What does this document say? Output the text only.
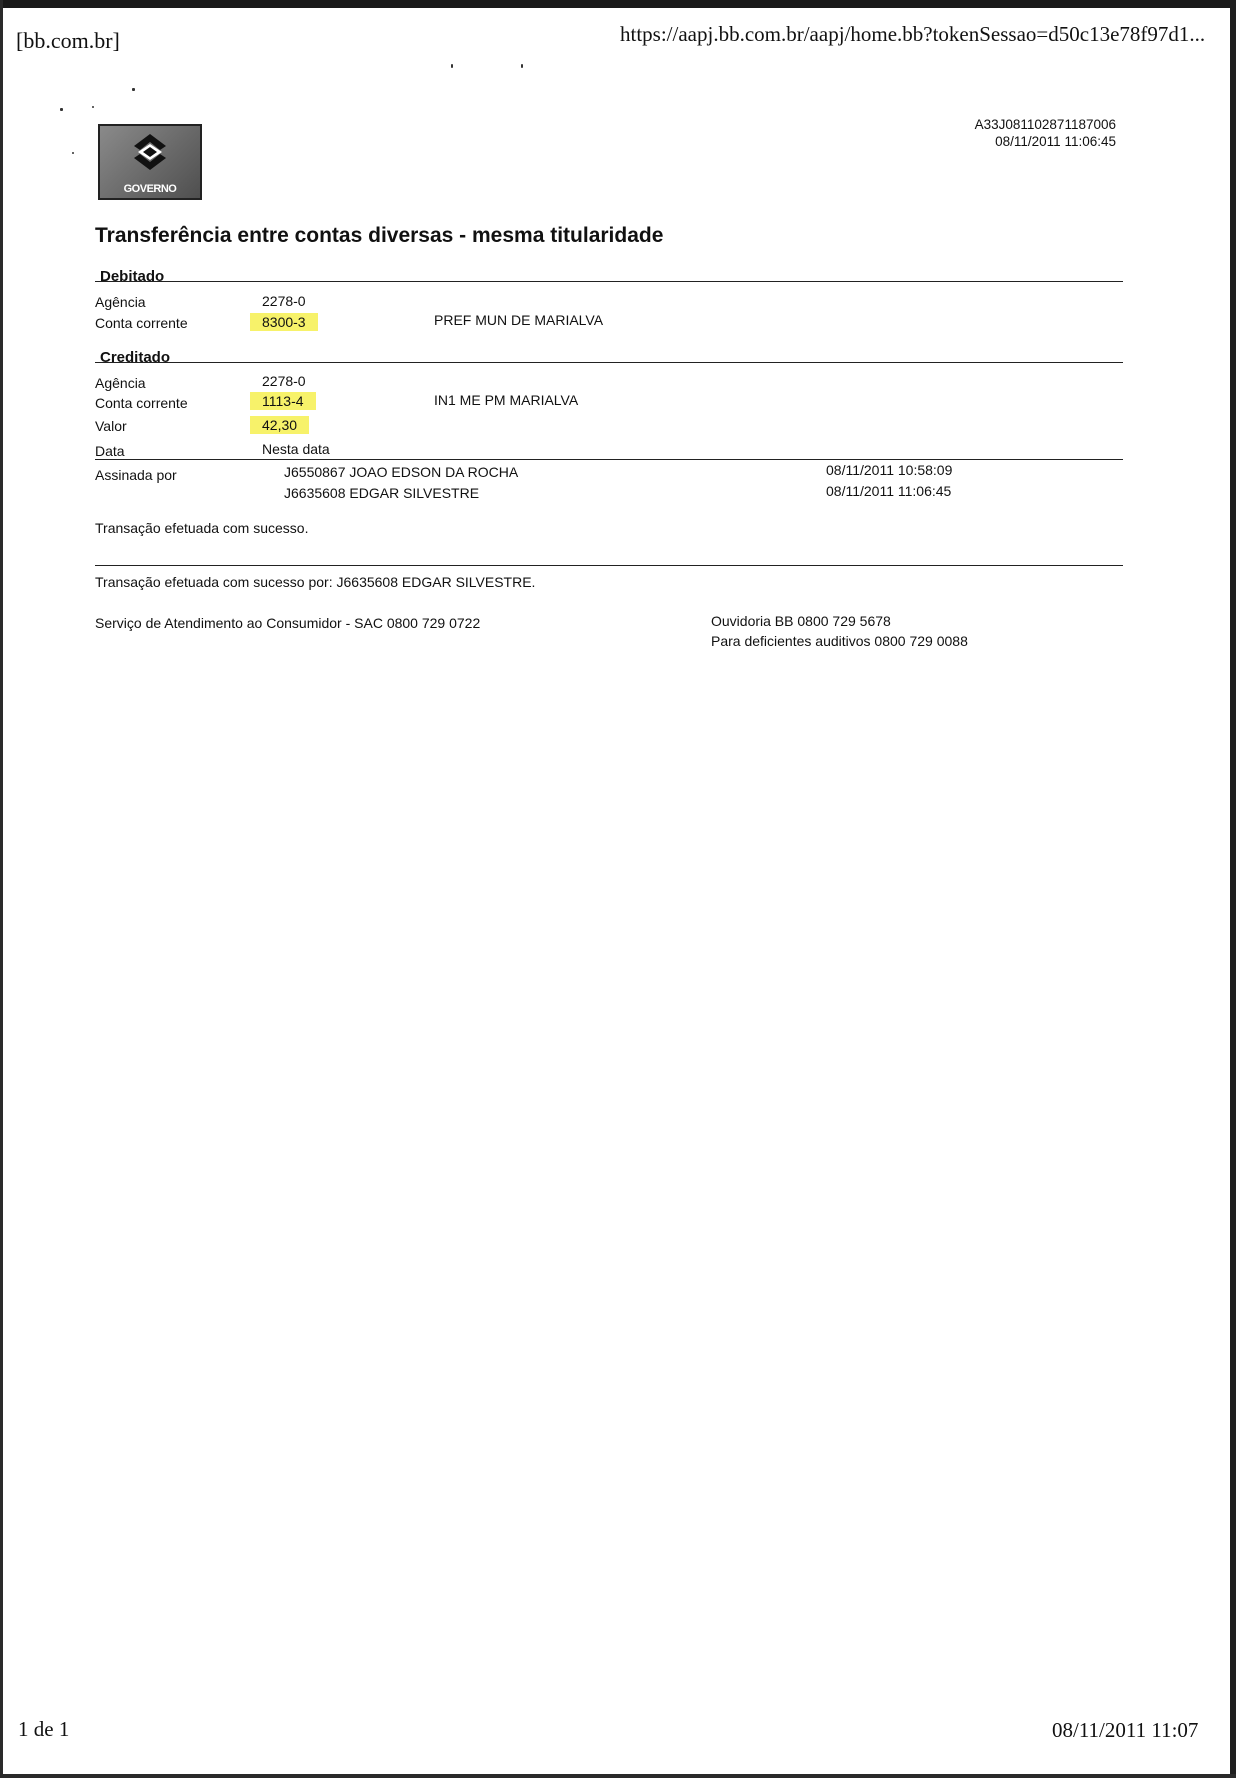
[bb.com.br]	https://aapj.bb.com.br/aapj/home.bb?tokenSessao=d50c13e78f97d1...
1 de 1	08/11/2011 11:07
GOVERNO
A33J081102871187006
08/11/2011 11:06:45
Transferência entre contas diversas - mesma titularidade
Debitado
Agência	2278-0
Conta corrente	8300-3	PREF MUN DE MARIALVA
Creditado
Agência	2278-0
Conta corrente	1113-4	IN1 ME PM MARIALVA
Valor	42,30
Data	Nesta data
Assinada por	J6550867 JOAO EDSON DA ROCHA	08/11/2011 10:58:09
J6635608 EDGAR SILVESTRE	08/11/2011 11:06:45
Transação efetuada com sucesso.
Transação efetuada com sucesso por: J6635608 EDGAR SILVESTRE.
Serviço de Atendimento ao Consumidor - SAC 0800 729 0722	Ouvidoria BB 0800 729 5678
Para deficientes auditivos 0800 729 0088
